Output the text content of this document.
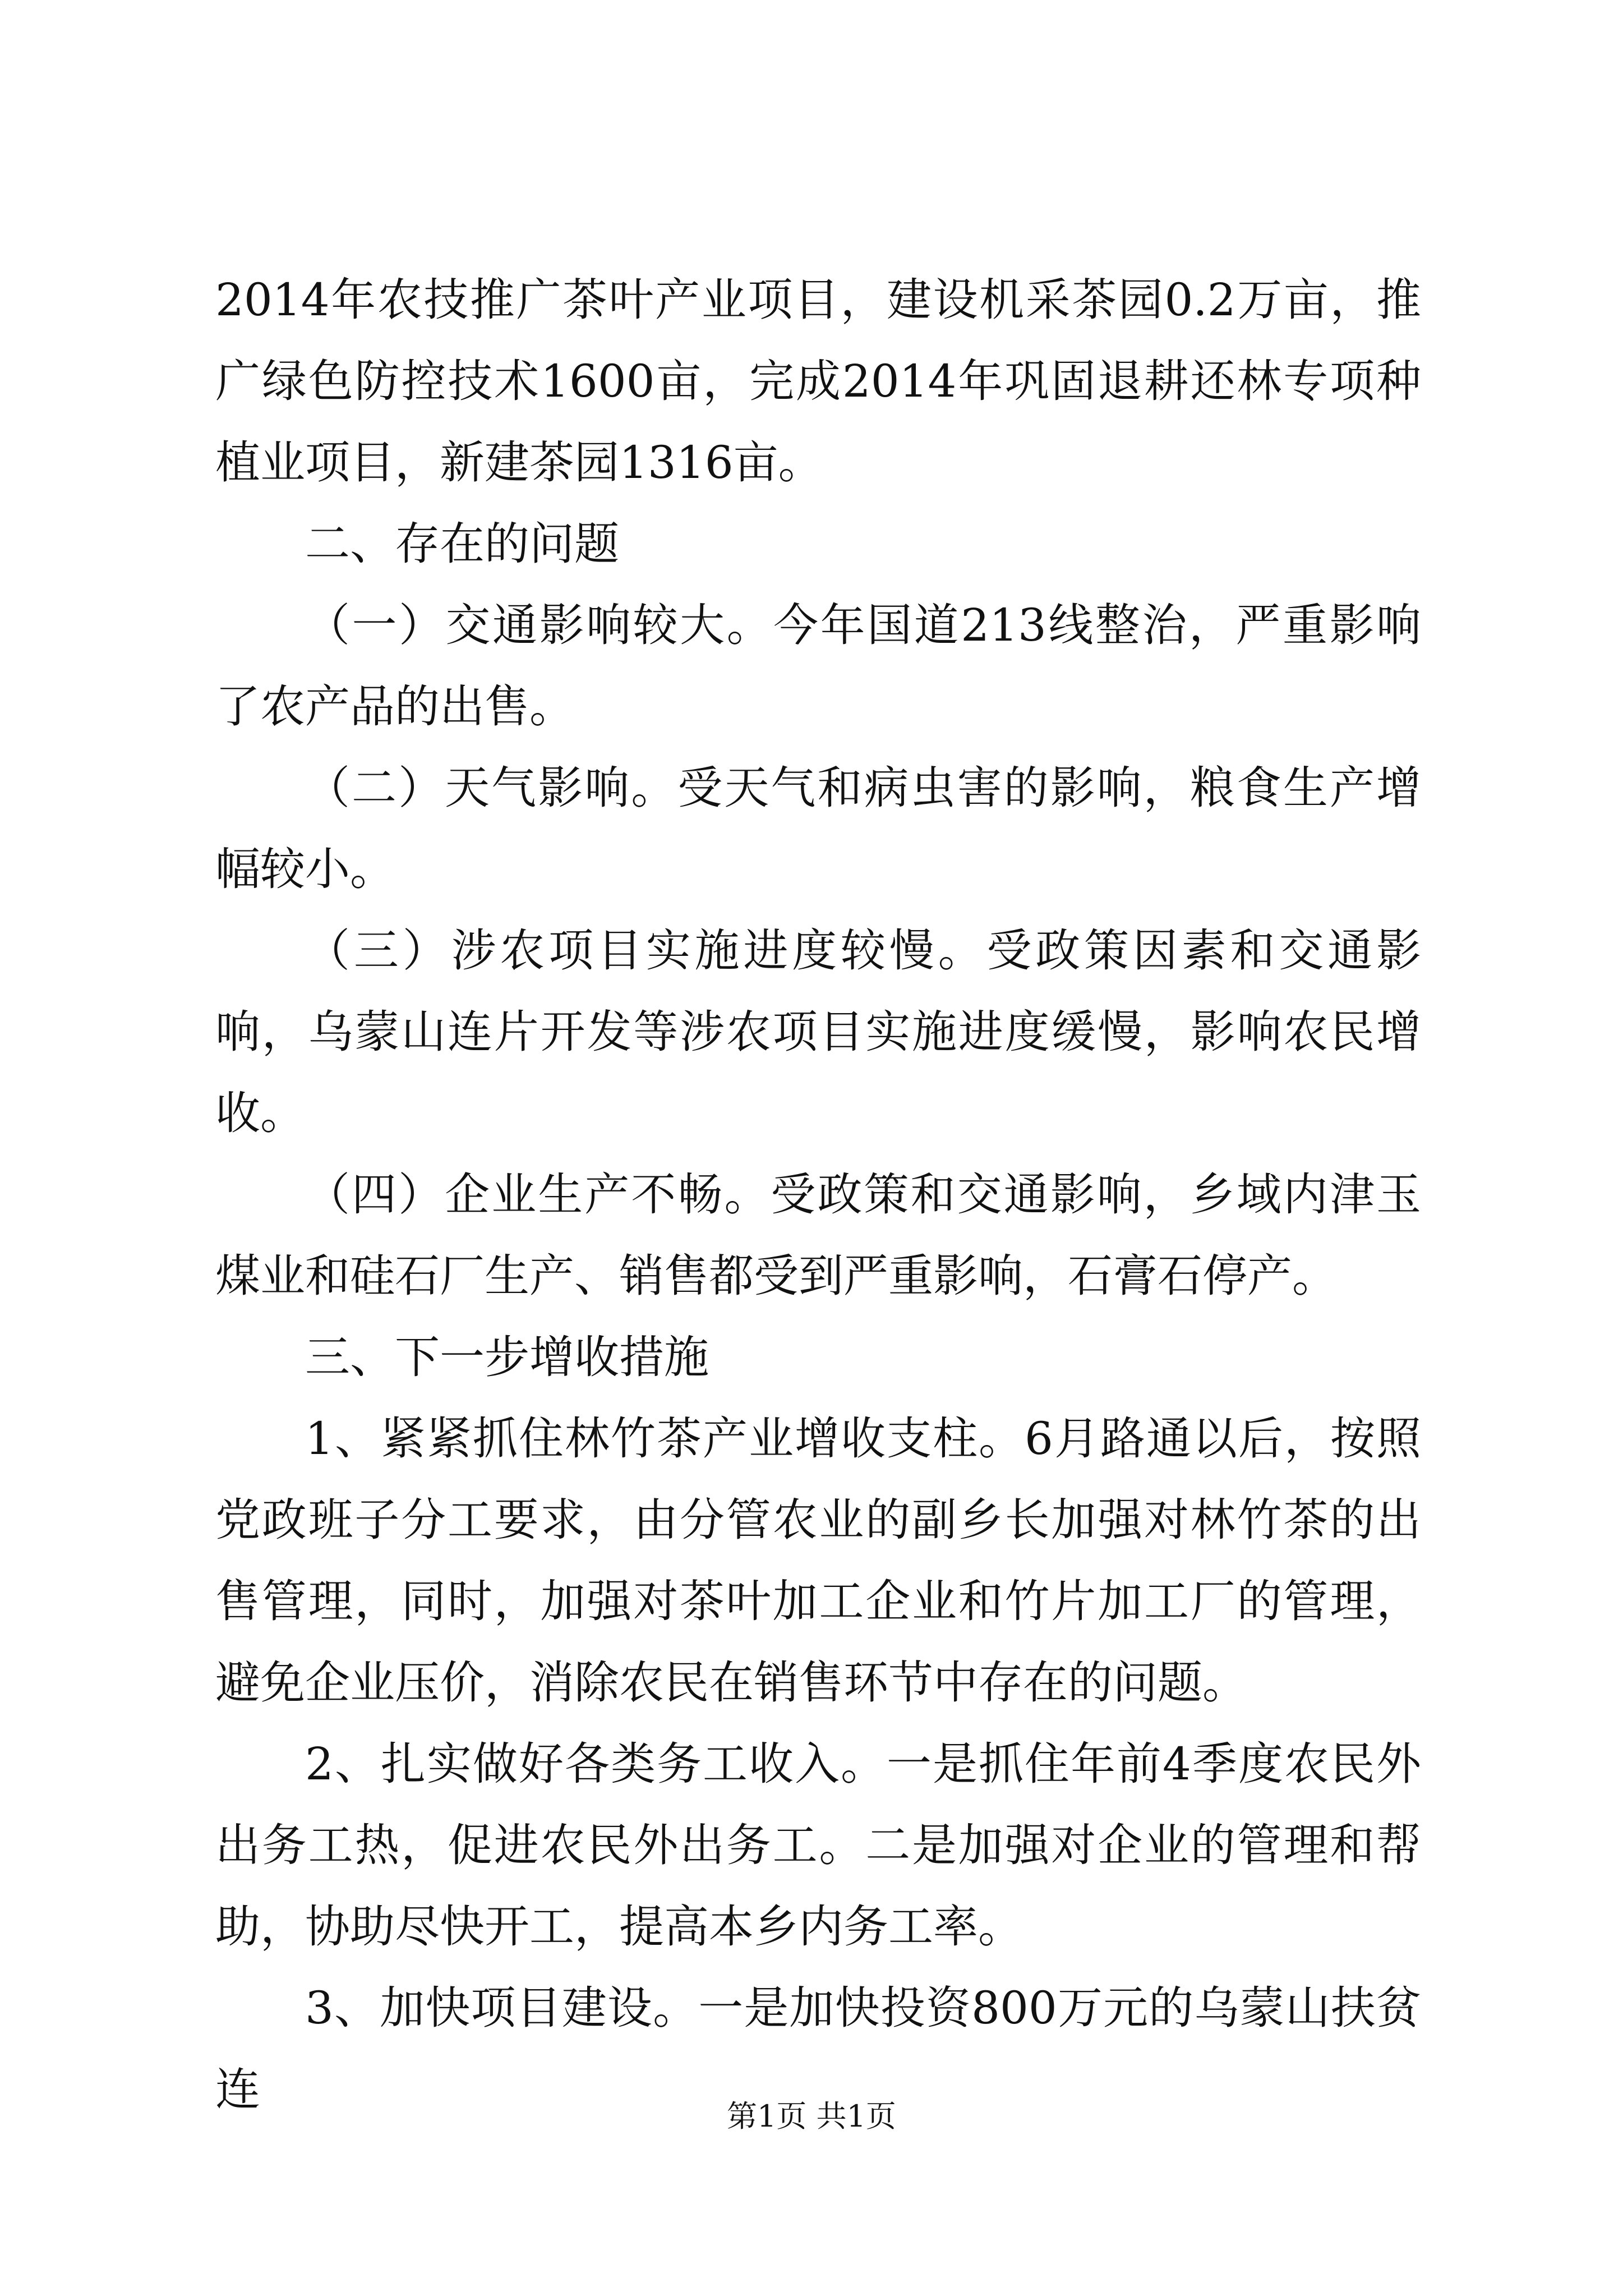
2014年农技推广茶叶产业项目，建设机采茶园0.2万亩，推广绿色防控技术1600亩，完成2014年巩固退耕还林专项种植业项目，新建茶园1316亩。

二、存在的问题

（一）交通影响较大。今年国道213线整治，严重影响了农产品的出售。

（二）天气影响。受天气和病虫害的影响，粮食生产增幅较小。

（三）涉农项目实施进度较慢。受政策因素和交通影响，乌蒙山连片开发等涉农项目实施进度缓慢，影响农民增收。

（四）企业生产不畅。受政策和交通影响，乡域内津玉煤业和硅石厂生产、销售都受到严重影响，石膏石停产。

三、下一步增收措施

1、紧紧抓住林竹茶产业增收支柱。6月路通以后，按照党政班子分工要求，由分管农业的副乡长加强对林竹茶的出售管理，同时，加强对茶叶加工企业和竹片加工厂的管理，避免企业压价，消除农民在销售环节中存在的问题。

2、扎实做好各类务工收入。一是抓住年前4季度农民外出务工热，促进农民外出务工。二是加强对企业的管理和帮助，协助尽快开工，提高本乡内务工率。

3、加快项目建设。一是加快投资800万元的乌蒙山扶贫连

第1页 共1页
